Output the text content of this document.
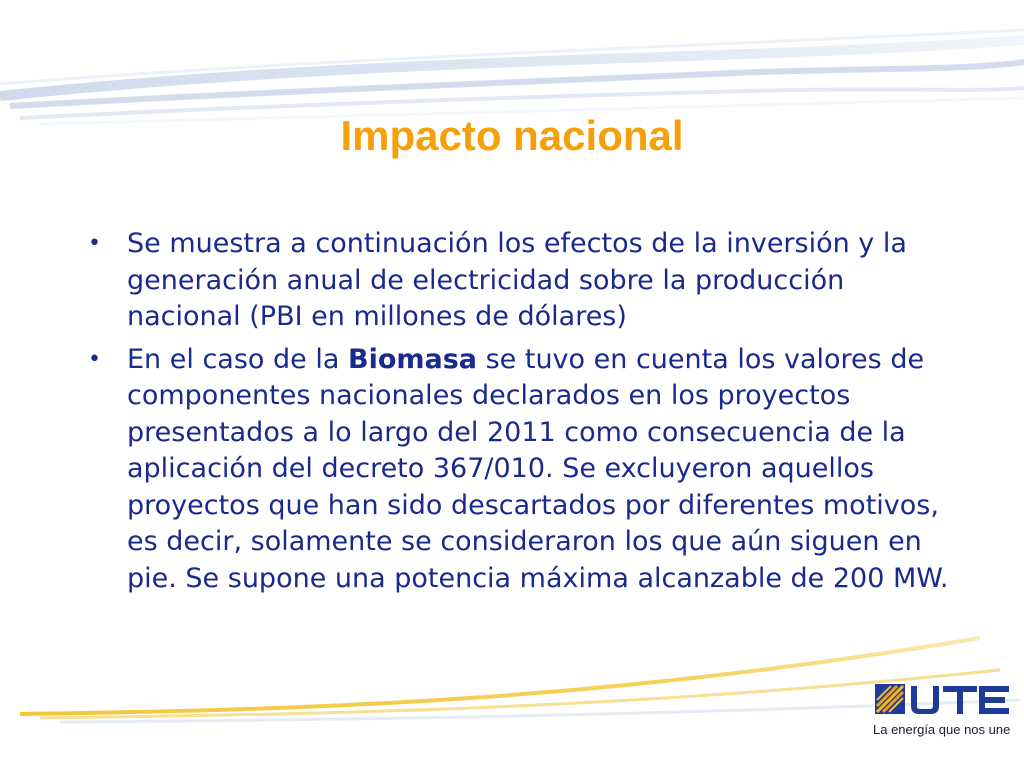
Impacto nacional
• Se muestra a continuación los efectos de la inversión y la generación anual de electricidad sobre la producción nacional (PBI en millones de dólares)

• En el caso de la Biomasa se tuvo en cuenta los valores de componentes nacionales declarados en los proyectos presentados a lo largo del 2011 como consecuencia de la aplicación del decreto 367/010. Se excluyeron aquellos proyectos que han sido descartados por diferentes motivos, es decir, solamente se consideraron los que aún siguen en pie. Se supone una potencia máxima alcanzable de 200 MW.

La energía que nos une
